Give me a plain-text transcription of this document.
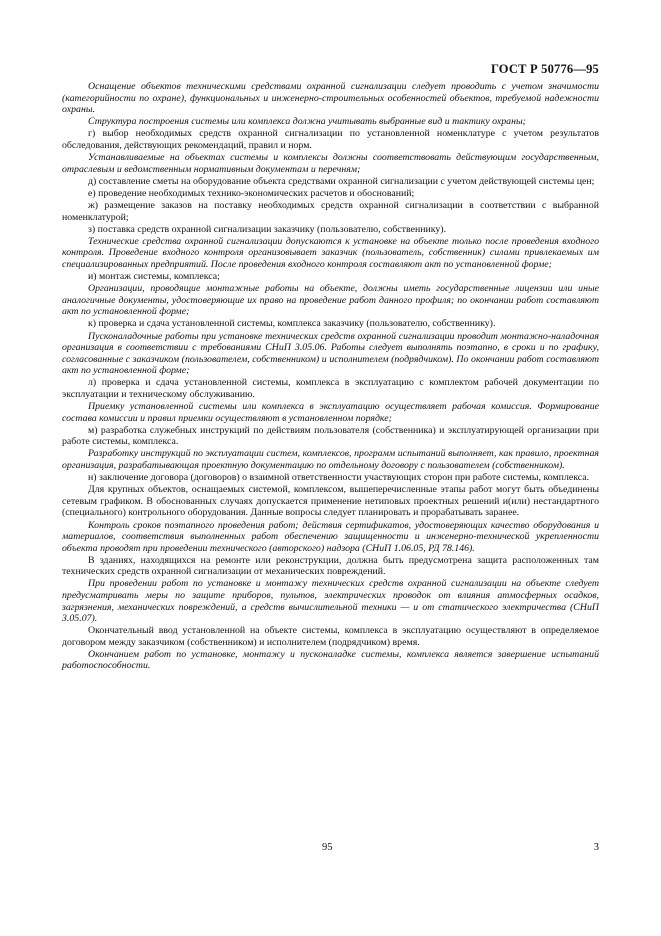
ГОСТ Р 50776—95

Оснащение объектов техническими средствами охранной сигнализации следует проводить с учетом значимости (категорийности по охране), функциональных и инженерно-строительных особенностей объектов, требуемой надежности охраны.

Структура построения системы или комплекса должна учитывать выбранные вид и тактику охраны;

г) выбор необходимых средств охранной сигнализации по установленной номенклатуре с учетом результатов обследования, действующих рекомендаций, правил и норм.

Устанавливаемые на объектах системы и комплексы должны соответствовать действующим государственным, отраслевым и ведомственным нормативным документам и перечням;

д) составление сметы на оборудование объекта средствами охранной сигнализации с учетом действующей системы цен;

е) проведение необходимых технико-экономических расчетов и обоснований;

ж) размещение заказов на поставку необходимых средств охранной сигнализации в соответствии с выбранной номенклатурой;

з) поставка средств охранной сигнализации заказчику (пользователю, собственнику).

Технические средства охранной сигнализации допускаются к установке на объекте только после проведения входного контроля. Проведение входного контроля организовывает заказчик (пользователь, собственник) силами привлекаемых им специализированных предприятий. После проведения входного контроля составляют акт по установленной форме;

и) монтаж системы, комплекса;

Организации, проводящие монтажные работы на объекте, должны иметь государственные лицензии или иные аналогичные документы, удостоверяющие их право на проведение работ данного профиля; по окончании работ составляют акт по установленной форме;

к) проверка и сдача установленной системы, комплекса заказчику (пользователю, собственнику).

Пусконаладочные работы при установке технических средств охранной сигнализации проводит монтажно-наладочная организация в соответствии с требованиями СНиП 3.05.06. Работы следует выполнять поэтапно, в сроки и по графику, согласованные с заказчиком (пользователем, собственником) и исполнителем (подрядчиком). По окончании работ составляют акт по установленной форме;

л) проверка и сдача установленной системы, комплекса в эксплуатацию с комплектом рабочей документации по эксплуатации и техническому обслуживанию.

Приемку установленной системы или комплекса в эксплуатацию осуществляет рабочая комиссия. Формирование состава комиссии и правил приемки осуществляют в установленном порядке;

м) разработка служебных инструкций по действиям пользователя (собственника) и эксплуатирующей организации при работе системы, комплекса.

Разработку инструкций по эксплуатации систем, комплексов, программ испытаний выполняет, как правило, проектная организация, разрабатывающая проектную документацию по отдельному договору с пользователем (собственником).

н) заключение договора (договоров) о взаимной ответственности участвующих сторон при работе системы, комплекса.

Для крупных объектов, оснащаемых системой, комплексом, вышеперечисленные этапы работ могут быть объединены сетевым графиком. В обоснованных случаях допускается применение нетиповых проектных решений и(или) нестандартного (специального) контрольного оборудования. Данные вопросы следует планировать и прорабатывать заранее.

Контроль сроков поэтапного проведения работ; действия сертификатов, удостоверяющих качество оборудования и материалов, соответствия выполненных работ обеспечению защищенности и инженерно-технической укрепленности объекта проводят при проведении технического (авторского) надзора (СНиП 1.06.05, РД 78.146).

В зданиях, находящихся на ремонте или реконструкции, должна быть предусмотрена защита расположенных там технических средств охранной сигнализации от механических повреждений.

При проведении работ по установке и монтажу технических средств охранной сигнализации на объекте следует предусматривать меры по защите приборов, пультов, электрических проводок от влияния атмосферных осадков, загрязнения, механических повреждений, а средств вычислительной техники — и от статического электричества (СНиП 3.05.07).

Окончательный ввод установленной на объекте системы, комплекса в эксплуатацию осуществляют в определяемое договором между заказчиком (собственником) и исполнителем (подрядчиком) время.

Окончанием работ по установке, монтажу и пусконаладке системы, комплекса является завершение испытаний работоспособности.

95	3
